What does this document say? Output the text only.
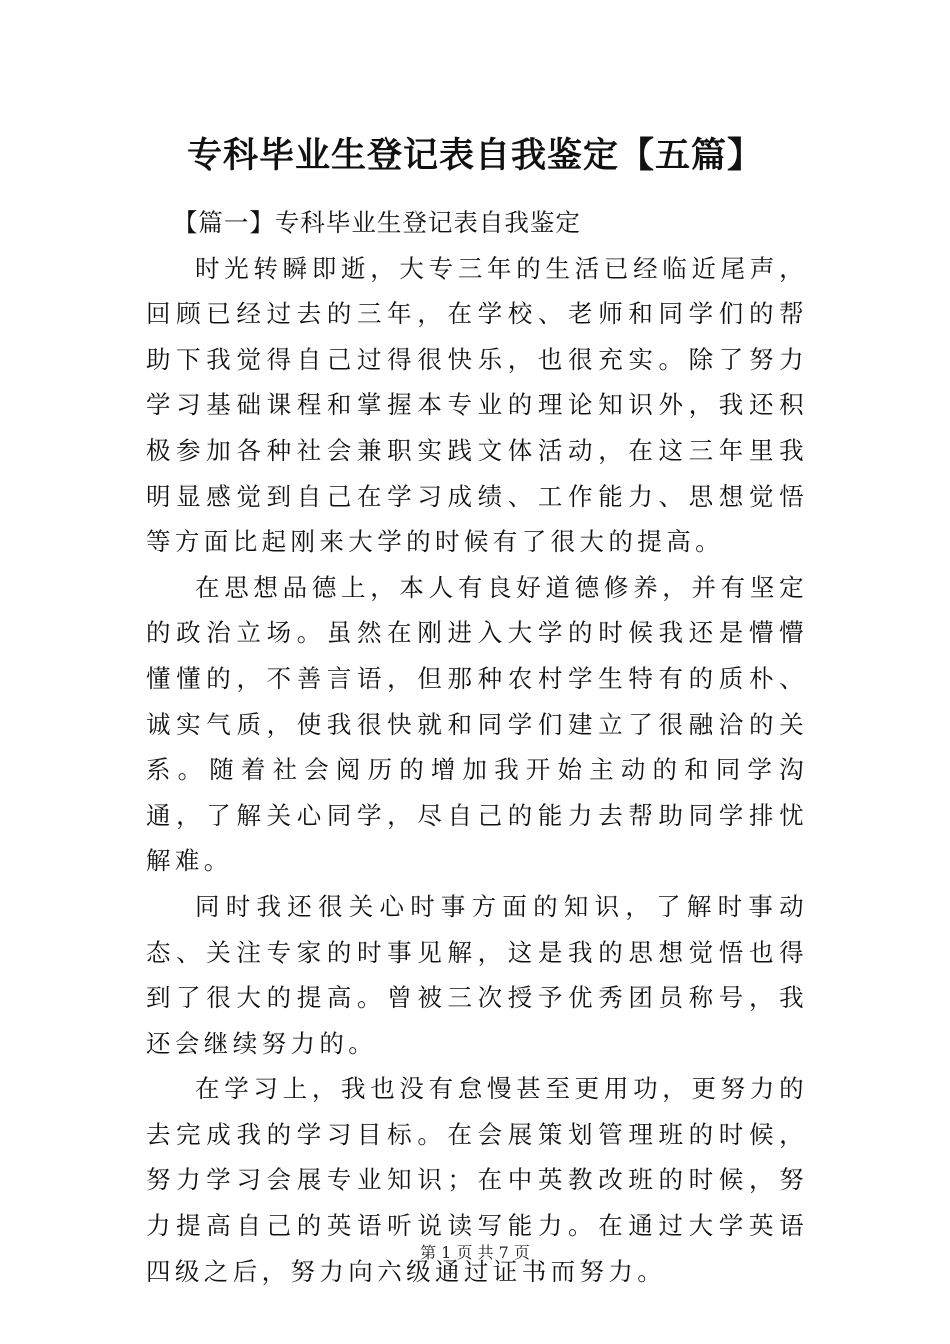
专科毕业生登记表自我鉴定【五篇】

【篇一】专科毕业生登记表自我鉴定

时光转瞬即逝，大专三年的生活已经临近尾声，回顾已经过去的三年，在学校、老师和同学们的帮助下我觉得自己过得很快乐，也很充实。除了努力学习基础课程和掌握本专业的理论知识外，我还积极参加各种社会兼职实践文体活动，在这三年里我明显感觉到自己在学习成绩、工作能力、思想觉悟等方面比起刚来大学的时候有了很大的提高。

在思想品德上，本人有良好道德修养，并有坚定的政治立场。虽然在刚进入大学的时候我还是懵懵懂懂的，不善言语，但那种农村学生特有的质朴、诚实气质，使我很快就和同学们建立了很融洽的关系。随着社会阅历的增加我开始主动的和同学沟通，了解关心同学，尽自己的能力去帮助同学排忧解难。

同时我还很关心时事方面的知识，了解时事动态、关注专家的时事见解，这是我的思想觉悟也得到了很大的提高。曾被三次授予优秀团员称号，我还会继续努力的。

在学习上，我也没有怠慢甚至更用功，更努力的去完成我的学习目标。在会展策划管理班的时候，努力学习会展专业知识；在中英教改班的时候，努力提高自己的英语听说读写能力。在通过大学英语四级之后，努力向六级通过证书而努力。

第 1 页 共 7 页
